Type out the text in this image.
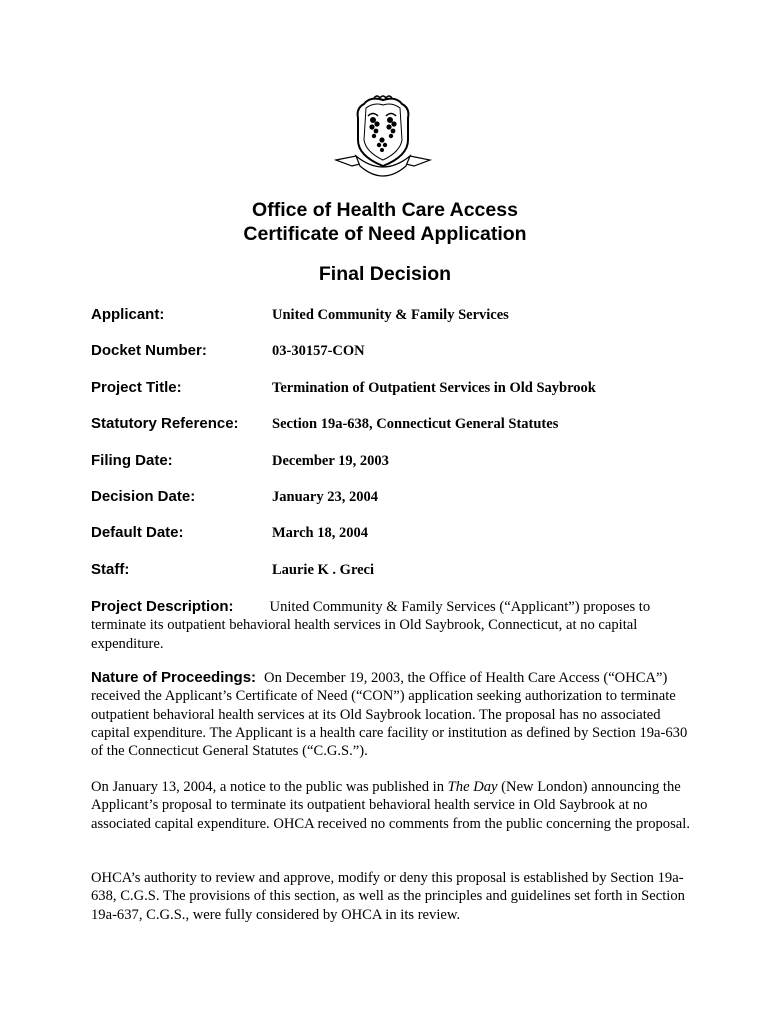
Office of Health Care Access
Certificate of Need Application
Final Decision
Applicant:	United Community & Family Services
Docket Number:	03-30157-CON
Project Title:	Termination of Outpatient Services in Old Saybrook
Statutory Reference: Section 19a-638, Connecticut General Statutes
Filing Date:	December 19, 2003
Decision Date:	January 23, 2004
Default Date:	March 18, 2004
Staff:	Laurie K . Greci
Project Description: United Community & Family Services (“Applicant”) proposes to terminate its outpatient behavioral health services in Old Saybrook, Connecticut, at no capital expenditure.
Nature of Proceedings: On December 19, 2003, the Office of Health Care Access (“OHCA”) received the Applicant’s Certificate of Need (“CON”) application seeking authorization to terminate outpatient behavioral health services at its Old Saybrook location. The proposal has no associated capital expenditure. The Applicant is a health care facility or institution as defined by Section 19a-630 of the Connecticut General Statutes (“C.G.S.”).
On January 13, 2004, a notice to the public was published in The Day (New London) announcing the Applicant’s proposal to terminate its outpatient behavioral health service in Old Saybrook at no associated capital expenditure. OHCA received no comments from the public concerning the proposal.
OHCA’s authority to review and approve, modify or deny this proposal is established by Section 19a-638, C.G.S. The provisions of this section, as well as the principles and guidelines set forth in Section 19a-637, C.G.S., were fully considered by OHCA in its review.
